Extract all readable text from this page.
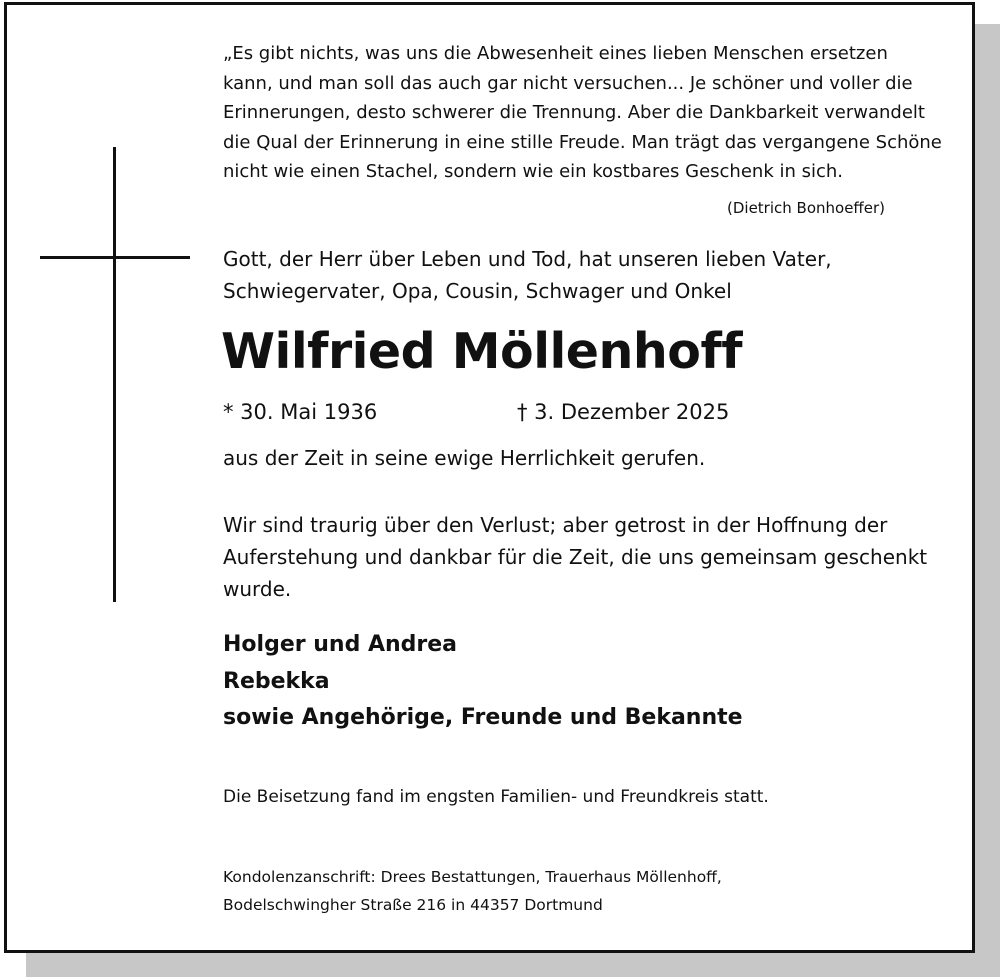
„Es gibt nichts, was uns die Abwesenheit eines lieben Menschen ersetzen kann, und man soll das auch gar nicht versuchen... Je schöner und voller die Erinnerungen, desto schwerer die Trennung. Aber die Dankbarkeit verwandelt die Qual der Erinnerung in eine stille Freude. Man trägt das vergangene Schöne nicht wie einen Stachel, sondern wie ein kostbares Geschenk in sich.

(Dietrich Bonhoeffer)

Gott, der Herr über Leben und Tod, hat unseren lieben Vater, Schwiegervater, Opa, Cousin, Schwager und Onkel

Wilfried Möllenhoff
* 30. Mai 1936	† 3. Dezember 2025

aus der Zeit in seine ewige Herrlichkeit gerufen.

Wir sind traurig über den Verlust; aber getrost in der Hoffnung der Auferstehung und dankbar für die Zeit, die uns gemeinsam geschenkt wurde.

Holger und Andrea
Rebekka
sowie Angehörige, Freunde und Bekannte

Die Beisetzung fand im engsten Familien- und Freundkreis statt.

Kondolenzanschrift: Drees Bestattungen, Trauerhaus Möllenhoff,
Bodelschwingher Straße 216 in 44357 Dortmund
